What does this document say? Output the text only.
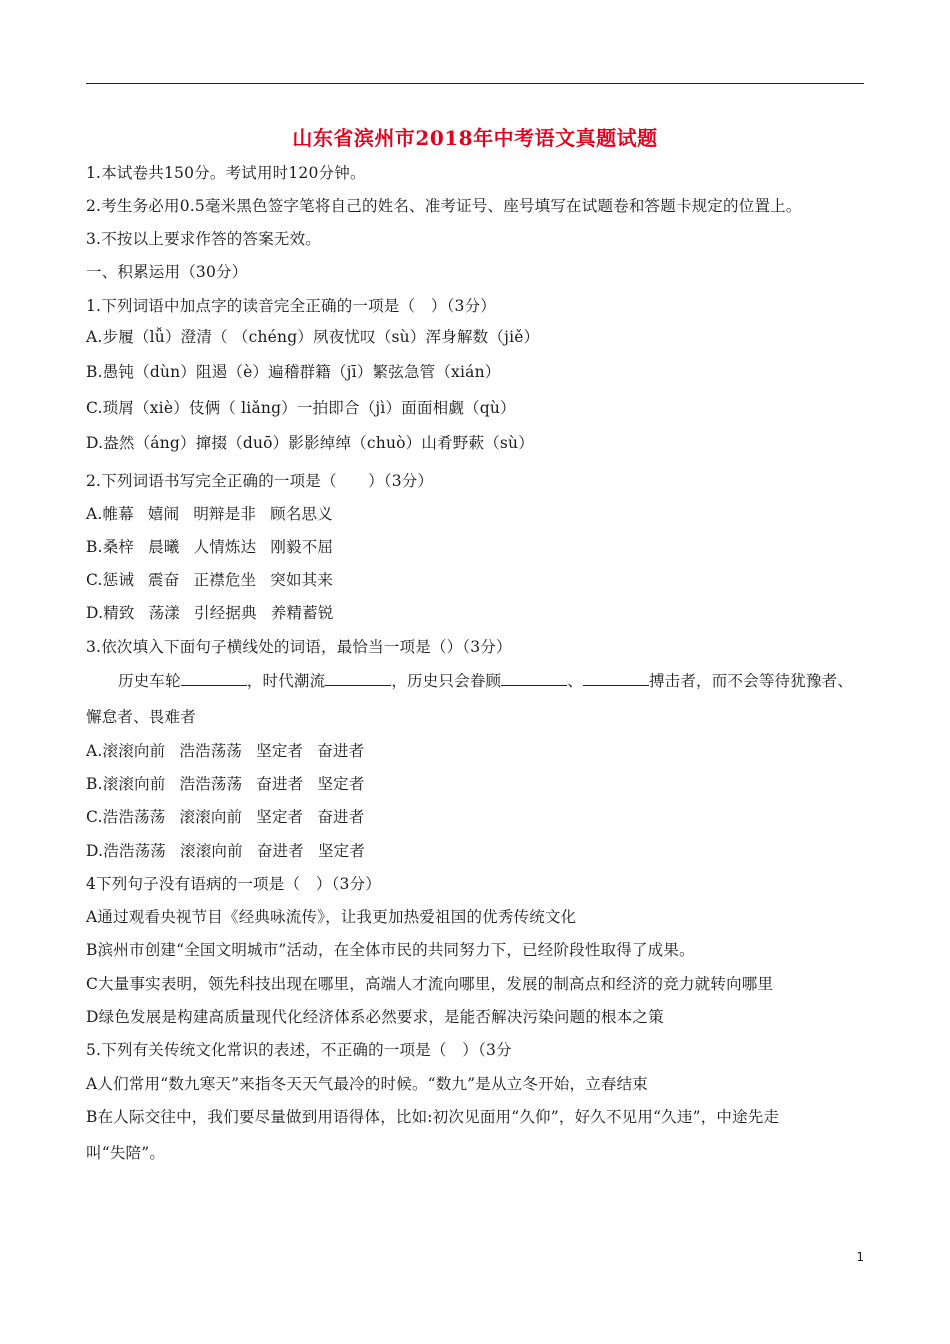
山东省滨州市2018年中考语文真题试题
1.本试卷共150分。考试用时120分钟。
2.考生务必用0.5毫米黑色签字笔将自己的姓名、准考证号、座号填写在试题卷和答题卡规定的位置上。
3.不按以上要求作答的答案无效。
一、积累运用（30分）
1.下列词语中加点字的读音完全正确的一项是（　）（3分）
A.步履（lǚ）澄清（ （chéng）夙夜忧叹（sù）浑身解数（jiě）
B.愚钝（dùn）阻遏（è）遍稽群籍（jī）繁弦急管（xián）
C.琐屑（xiè）伎俩（ liǎng）一拍即合（jì）面面相觑（qù）
D.盎然（áng）撺掇（duō）影影绰绰（chuò）山肴野蔌（sù）
2.下列词语书写完全正确的一项是（　　）（3分）
A.帷幕 嬉闹 明辩是非 顾名思义
B.桑梓 晨曦 人情炼达 刚毅不屈
C.惩诫 震奋 正襟危坐 突如其来
D.精致 荡漾 引经据典 养精蓄锐
3.依次填入下面句子横线处的词语，最恰当一项是（）（3分）
历史车轮	，时代潮流	，历史只会眷顾	、	搏击者，而不会等待犹豫者、
懈怠者、畏难者
A.滚滚向前 浩浩荡荡 坚定者 奋进者
B.滚滚向前 浩浩荡荡 奋进者 坚定者
C.浩浩荡荡 滚滚向前 坚定者 奋进者
D.浩浩荡荡 滚滚向前 奋进者 坚定者
4下列句子没有语病的一项是（　）（3分）
A通过观看央视节目《经典咏流传》，让我更加热爱祖国的优秀传统文化
B滨州市创建“全国文明城市”活动，在全体市民的共同努力下，已经阶段性取得了成果。
C大量事实表明，领先科技出现在哪里，高端人才流向哪里，发展的制高点和经济的竞力就转向哪里
D绿色发展是构建高质量现代化经济体系必然要求，是能否解决污染问题的根本之策
5.下列有关传统文化常识的表述，不正确的一项是（　）（3分
A人们常用“数九寒天”来指冬天天气最冷的时候。“数九”是从立冬开始，立春结束
B在人际交往中，我们要尽量做到用语得体，比如:初次见面用“久仰”，好久不见用“久违”，中途先走
叫“失陪”。
1
